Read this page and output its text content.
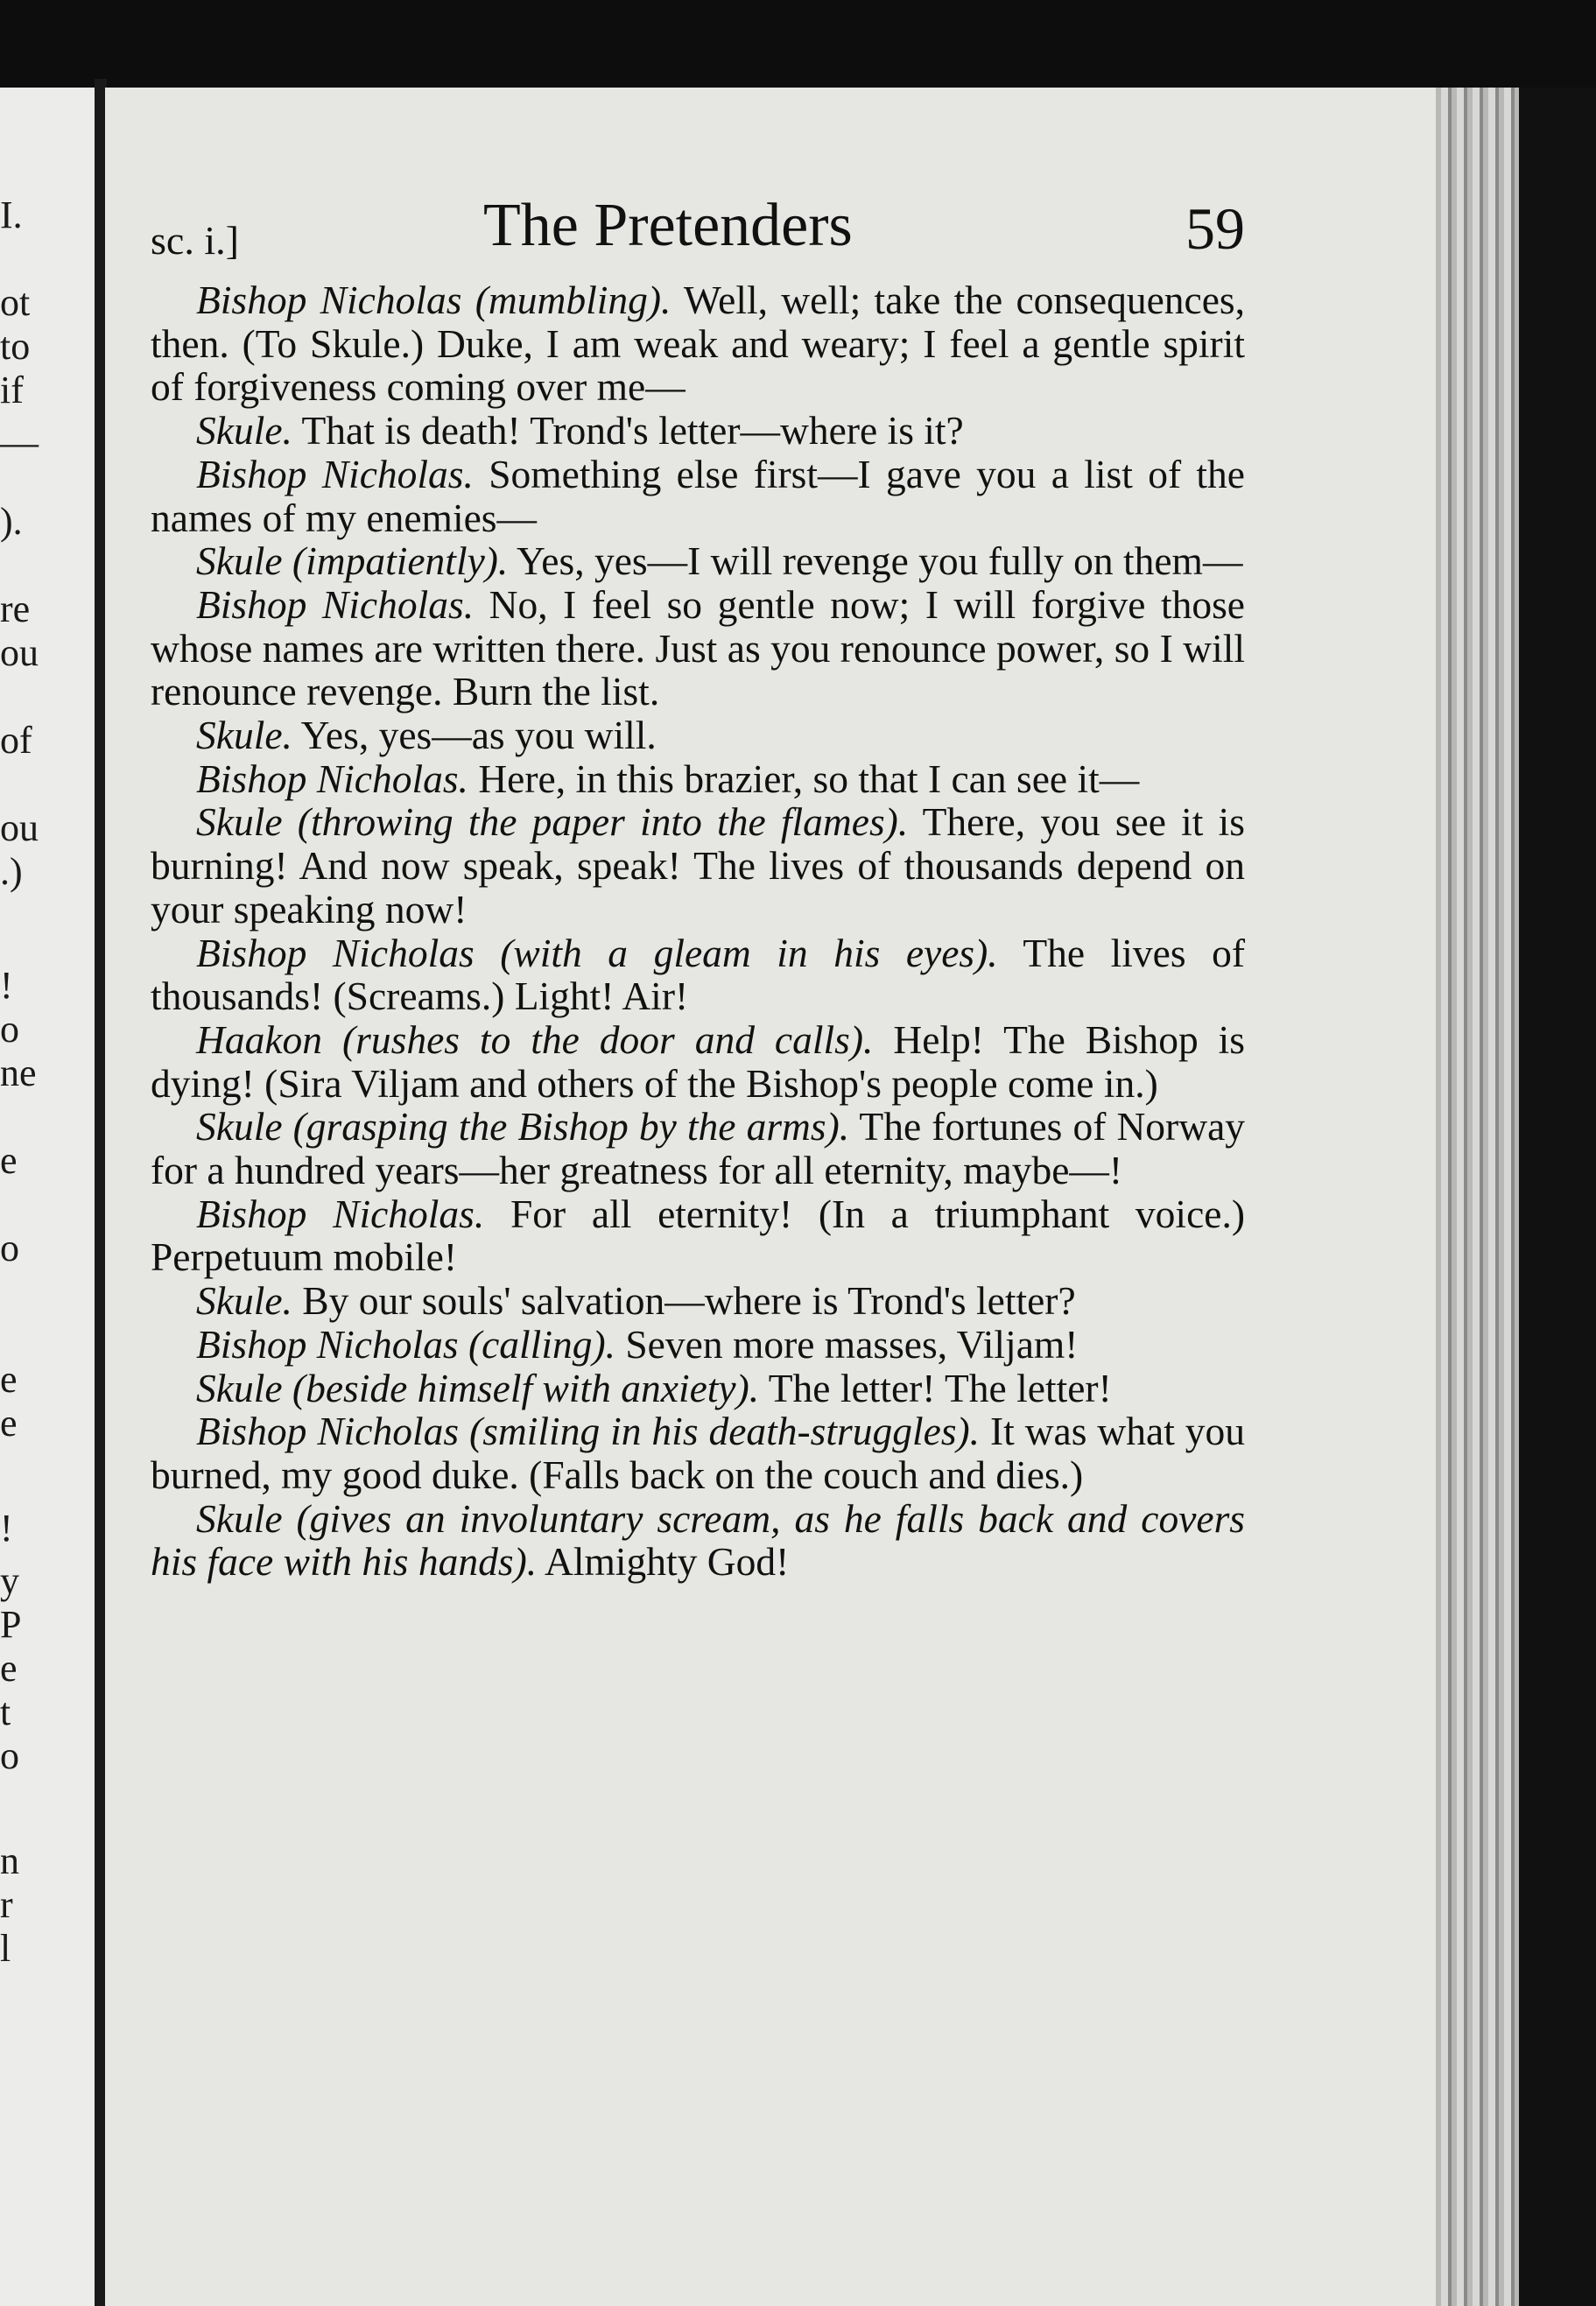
I.
ot
to
if
—
).
re
ou
of
ou
.)
!
o
ne
e
o
e
e
!
y
P
e
t
o
n
r
l
sc. i.]	The Pretenders	59

Bishop Nicholas (mumbling). Well, well; take the consequences, then. (To Skule.) Duke, I am weak and weary; I feel a gentle spirit of forgiveness coming over me—

Skule. That is death! Trond's letter—where is it?

Bishop Nicholas. Something else first—I gave you a list of the names of my enemies—

Skule (impatiently). Yes, yes—I will revenge you fully on them—

Bishop Nicholas. No, I feel so gentle now; I will forgive those whose names are written there. Just as you renounce power, so I will renounce revenge. Burn the list.

Skule. Yes, yes—as you will.

Bishop Nicholas. Here, in this brazier, so that I can see it—

Skule (throwing the paper into the flames). There, you see it is burning! And now speak, speak! The lives of thousands depend on your speaking now!

Bishop Nicholas (with a gleam in his eyes). The lives of thousands! (Screams.) Light! Air!

Haakon (rushes to the door and calls). Help! The Bishop is dying! (Sira Viljam and others of the Bishop's people come in.)

Skule (grasping the Bishop by the arms). The fortunes of Norway for a hundred years—her greatness for all eternity, maybe—!

Bishop Nicholas. For all eternity! (In a triumphant voice.) Perpetuum mobile!

Skule. By our souls' salvation—where is Trond's letter?

Bishop Nicholas (calling). Seven more masses, Viljam!

Skule (beside himself with anxiety). The letter! The letter!

Bishop Nicholas (smiling in his death-struggles). It was what you burned, my good duke. (Falls back on the couch and dies.)

Skule (gives an involuntary scream, as he falls back and covers his face with his hands). Almighty God!
